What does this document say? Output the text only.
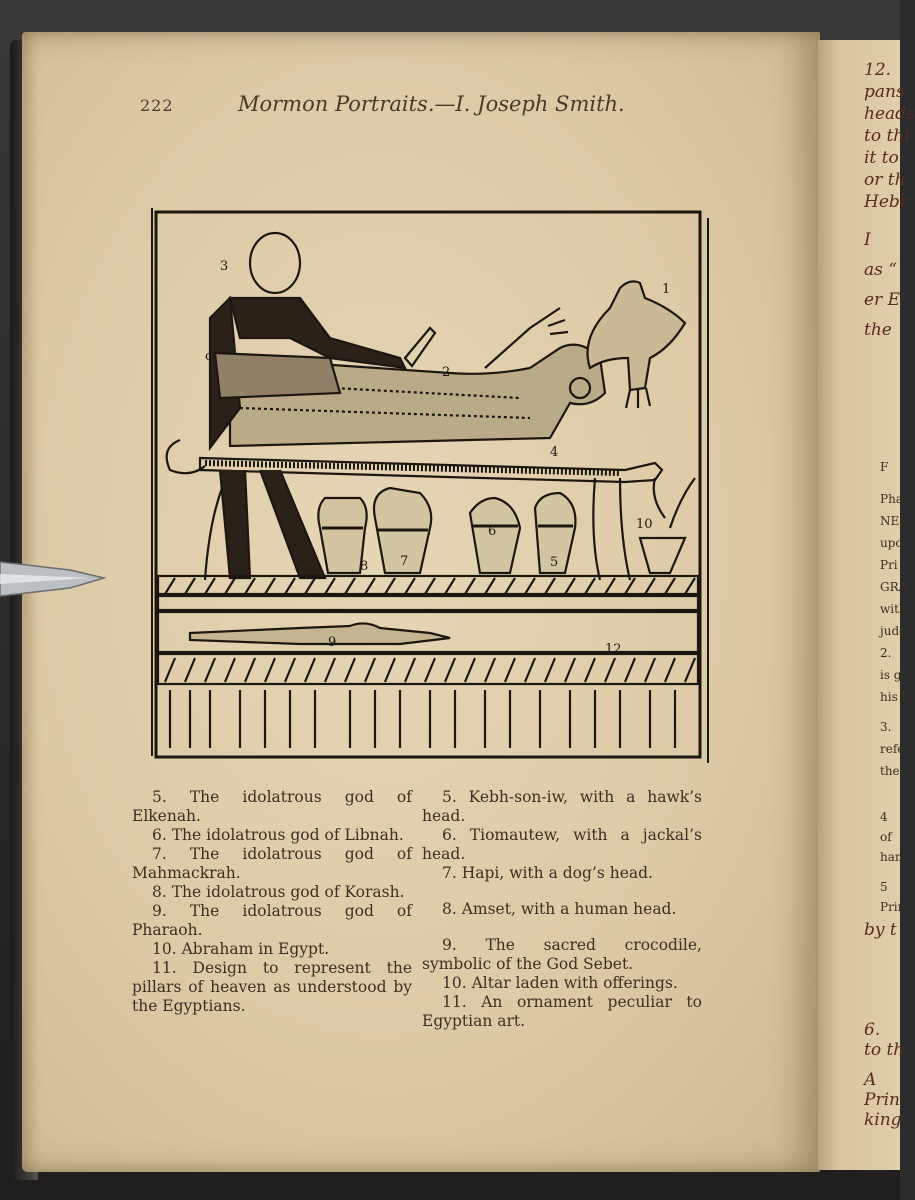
12.
pans
heads
to thi
it to
or th
Hebr
I
as “
er E
the
F
Pha
NES
upo
Pri
GRA
with
judg
2.
is gi
his b
3.
refe
the
4
of
han
5
Prin
by t
6.
to th
A
Prin
king
222	Mormon Portraits.—I. Joseph Smith.
3
1
c
2
4
10
8 7
6
5
9	12
5. The idolatrous god of Elkenah.
6. The idolatrous god of Libnah.
7. The idolatrous god of Mahmackrah.
8. The idolatrous god of Korash.
9. The idolatrous god of Pharaoh.
10. Abraham in Egypt.
11. Design to represent the pillars of heaven as understood by the Egyptians.
5. Kebh-son-iw, with a hawk’s head.
6. Tiomautew, with a jackal’s head.
7. Hapi, with a dog’s head.
8. Amset, with a human head.
9. The sacred crocodile, symbolic of the God Sebet.
10. Altar laden with offerings.
11. An ornament peculiar to Egyptian art.
